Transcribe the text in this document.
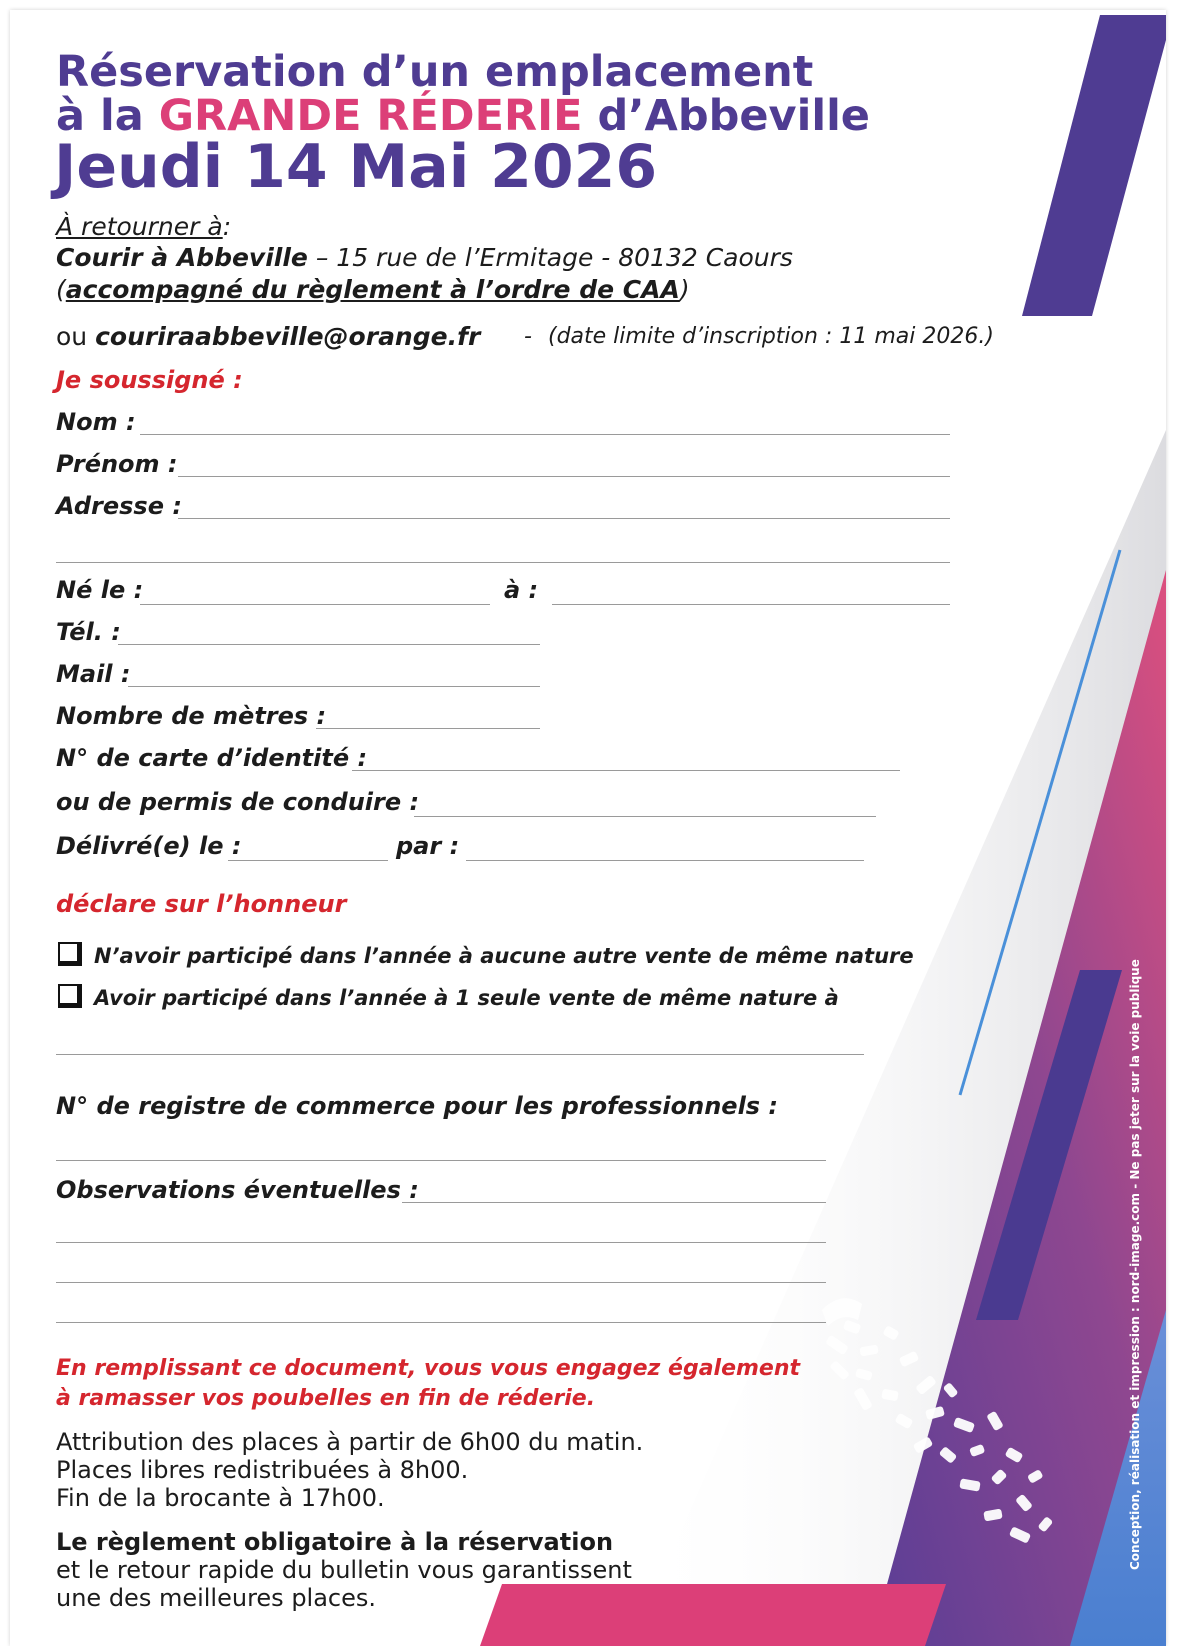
Conception, réalisation et impression : nord-image.com - Ne pas jeter sur la voie publique
Réservation d’un emplacement
à la GRANDE RÉDERIE d’Abbeville
Jeudi 14 Mai 2026
À retourner à:
Courir à Abbeville – 15 rue de l’Ermitage - 80132 Caours
(accompagné du règlement à l’ordre de CAA)
ou couriraabbeville@orange.fr - (date limite d’inscription : 11 mai 2026.)
Je soussigné :
Nom :
Prénom :
Adresse :
Né le :	à :
Tél. :
Mail :
Nombre de mètres :
N° de carte d’identité :
ou de permis de conduire :
Délivré(e) le :	par :
déclare sur l’honneur
N’avoir participé dans l’année à aucune autre vente de même nature
Avoir participé dans l’année à 1 seule vente de même nature à
N° de registre de commerce pour les professionnels :
Observations éventuelles :
En remplissant ce document, vous vous engagez également
à ramasser vos poubelles en fin de réderie.
Attribution des places à partir de 6h00 du matin.
Places libres redistribuées à 8h00.
Fin de la brocante à 17h00.
Le règlement obligatoire à la réservation
et le retour rapide du bulletin vous garantissent
une des meilleures places.
